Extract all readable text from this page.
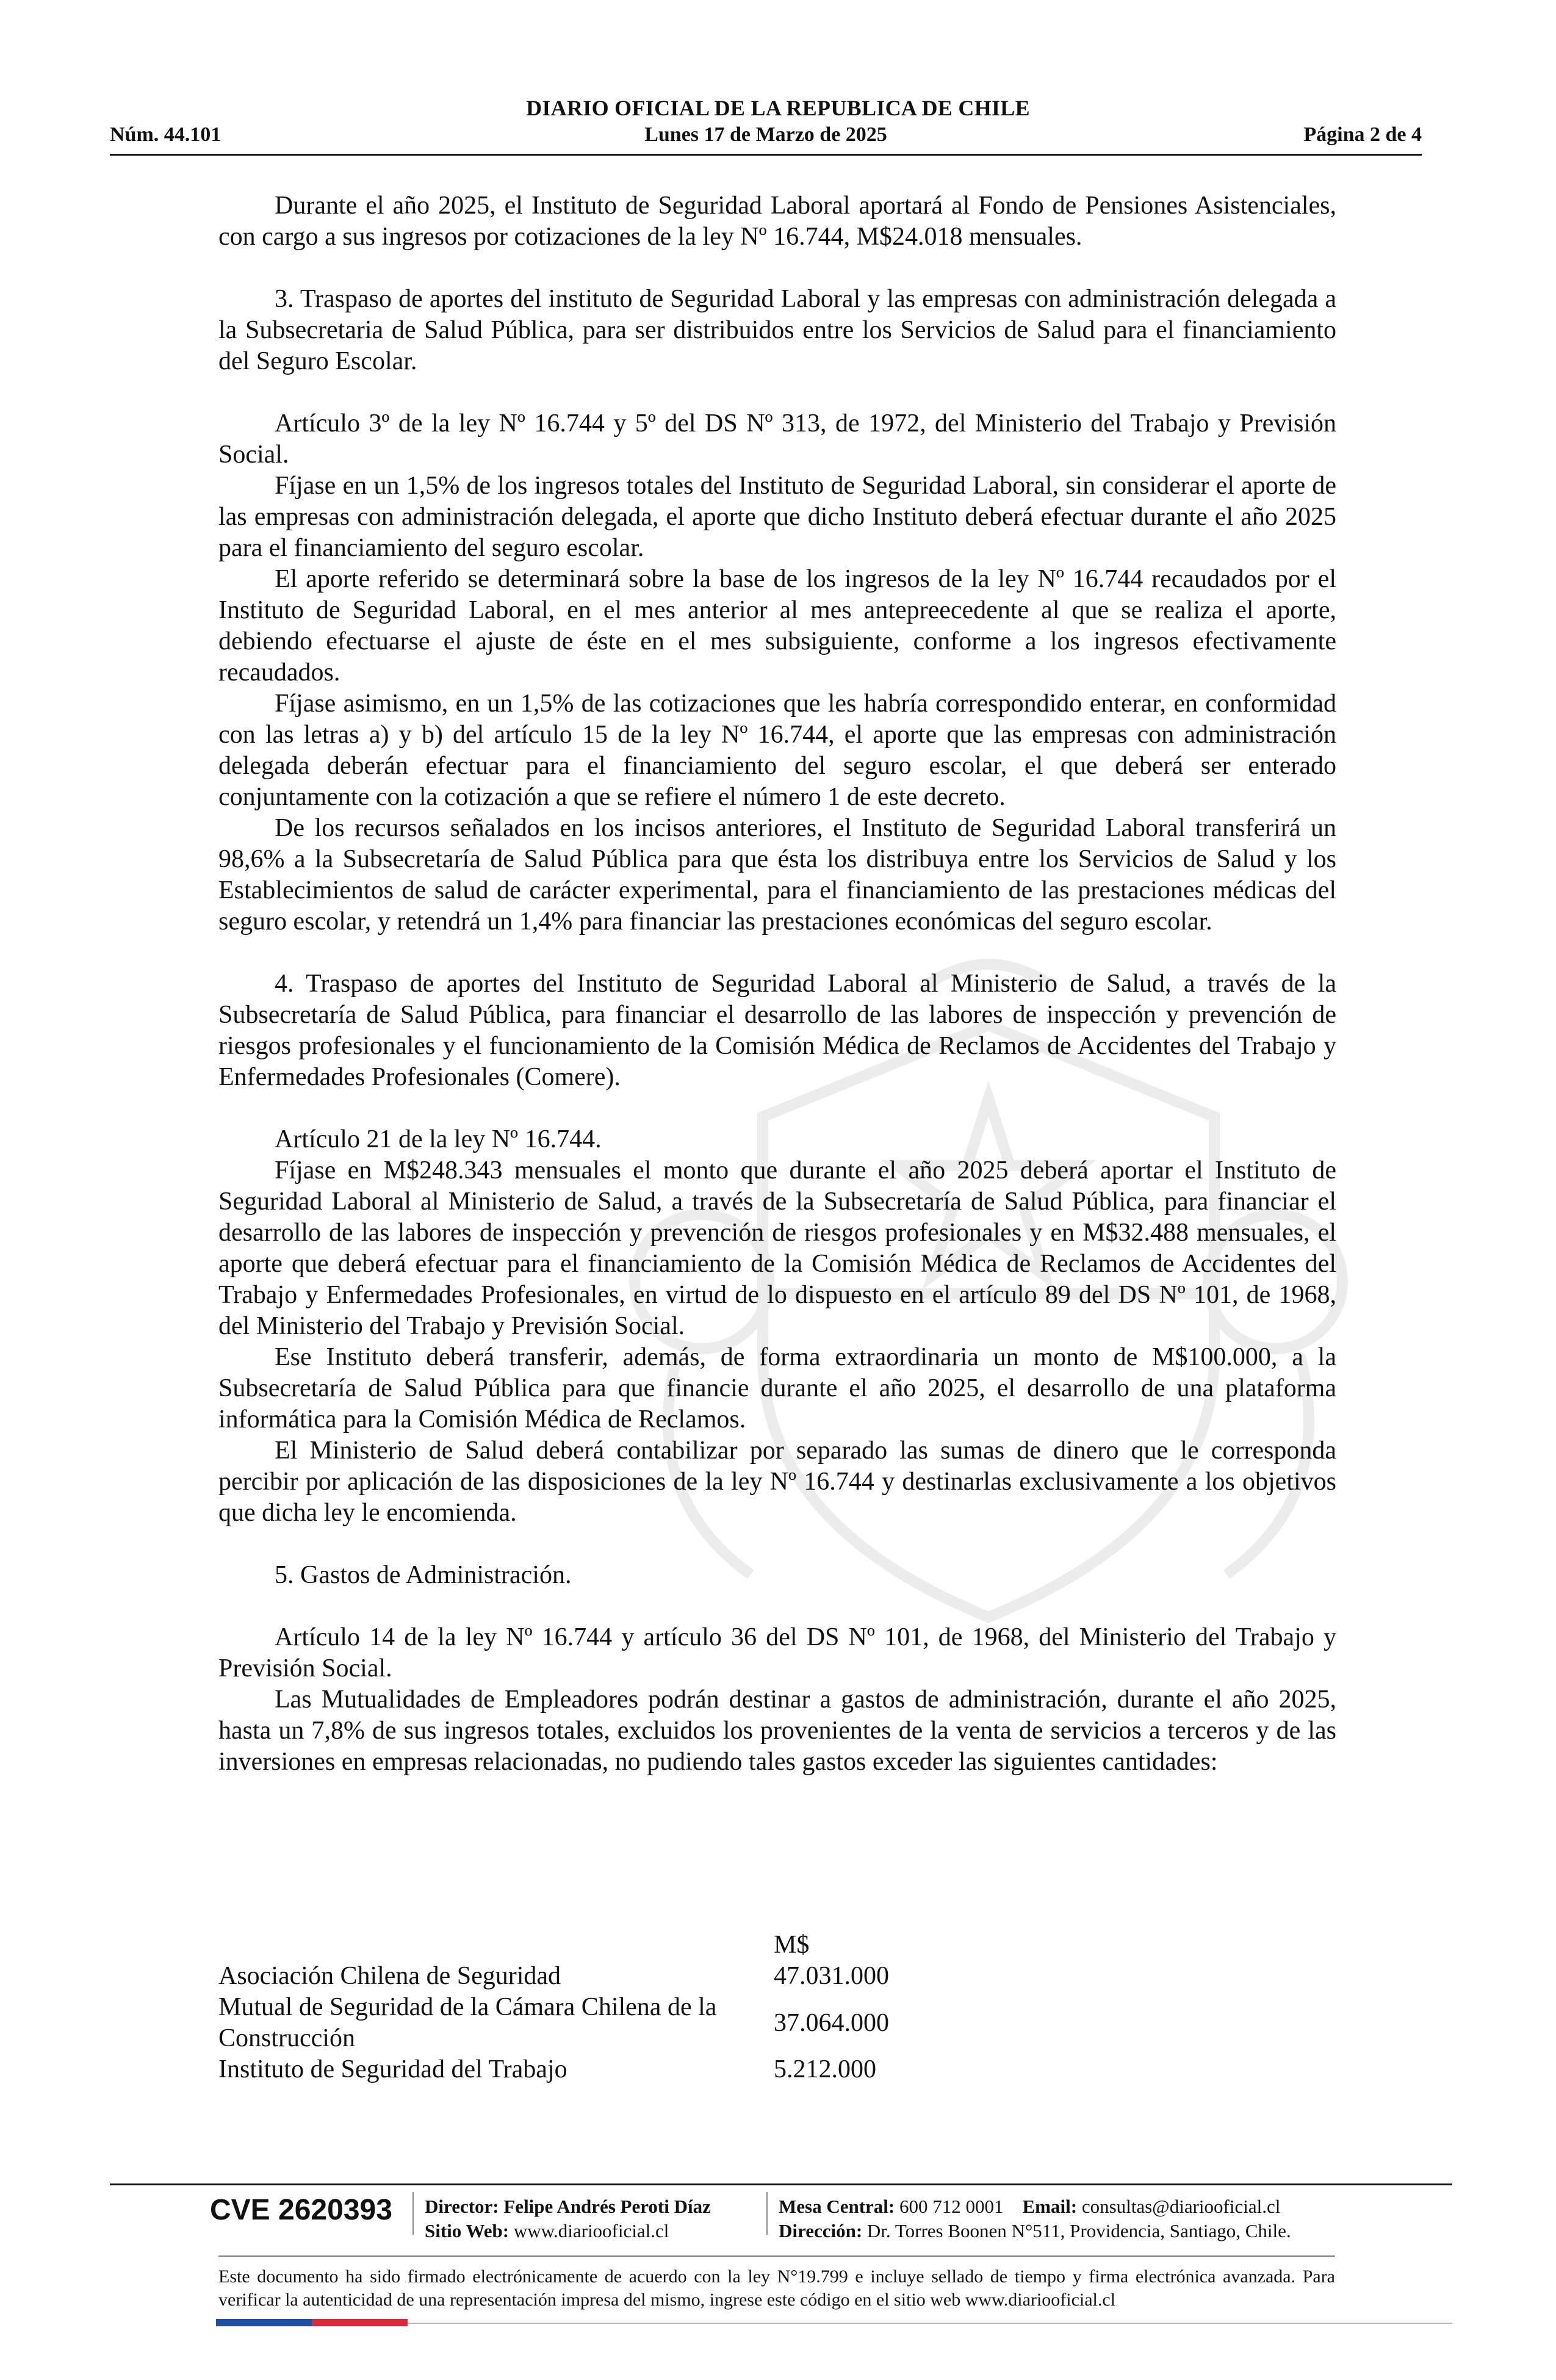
DIARIO OFICIAL DE LA REPUBLICA DE CHILE
Núm. 44.101	Lunes 17 de Marzo de 2025	Página 2 de 4

Durante el año 2025, el Instituto de Seguridad Laboral aportará al Fondo de Pensiones Asistenciales, con cargo a sus ingresos por cotizaciones de la ley Nº 16.744, M$24.018 mensuales.

3. Traspaso de aportes del instituto de Seguridad Laboral y las empresas con administración delegada a la Subsecretaria de Salud Pública, para ser distribuidos entre los Servicios de Salud para el financiamiento del Seguro Escolar.

Artículo 3º de la ley Nº 16.744 y 5º del DS Nº 313, de 1972, del Ministerio del Trabajo y Previsión Social.

Fíjase en un 1,5% de los ingresos totales del Instituto de Seguridad Laboral, sin considerar el aporte de las empresas con administración delegada, el aporte que dicho Instituto deberá efectuar durante el año 2025 para el financiamiento del seguro escolar.

El aporte referido se determinará sobre la base de los ingresos de la ley Nº 16.744 recaudados por el Instituto de Seguridad Laboral, en el mes anterior al mes antepreecedente al que se realiza el aporte, debiendo efectuarse el ajuste de éste en el mes subsiguiente, conforme a los ingresos efectivamente recaudados.

Fíjase asimismo, en un 1,5% de las cotizaciones que les habría correspondido enterar, en conformidad con las letras a) y b) del artículo 15 de la ley Nº 16.744, el aporte que las empresas con administración delegada deberán efectuar para el financiamiento del seguro escolar, el que deberá ser enterado conjuntamente con la cotización a que se refiere el número 1 de este decreto.

De los recursos señalados en los incisos anteriores, el Instituto de Seguridad Laboral transferirá un 98,6% a la Subsecretaría de Salud Pública para que ésta los distribuya entre los Servicios de Salud y los Establecimientos de salud de carácter experimental, para el financiamiento de las prestaciones médicas del seguro escolar, y retendrá un 1,4% para financiar las prestaciones económicas del seguro escolar.

4. Traspaso de aportes del Instituto de Seguridad Laboral al Ministerio de Salud, a través de la Subsecretaría de Salud Pública, para financiar el desarrollo de las labores de inspección y prevención de riesgos profesionales y el funcionamiento de la Comisión Médica de Reclamos de Accidentes del Trabajo y Enfermedades Profesionales (Comere).

Artículo 21 de la ley Nº 16.744.

Fíjase en M$248.343 mensuales el monto que durante el año 2025 deberá aportar el Instituto de Seguridad Laboral al Ministerio de Salud, a través de la Subsecretaría de Salud Pública, para financiar el desarrollo de las labores de inspección y prevención de riesgos profesionales y en M$32.488 mensuales, el aporte que deberá efectuar para el financiamiento de la Comisión Médica de Reclamos de Accidentes del Trabajo y Enfermedades Profesionales, en virtud de lo dispuesto en el artículo 89 del DS Nº 101, de 1968, del Ministerio del Trabajo y Previsión Social.

Ese Instituto deberá transferir, además, de forma extraordinaria un monto de M$100.000, a la Subsecretaría de Salud Pública para que financie durante el año 2025, el desarrollo de una plataforma informática para la Comisión Médica de Reclamos.

El Ministerio de Salud deberá contabilizar por separado las sumas de dinero que le corresponda percibir por aplicación de las disposiciones de la ley Nº 16.744 y destinarlas exclusivamente a los objetivos que dicha ley le encomienda.

5. Gastos de Administración.

Artículo 14 de la ley Nº 16.744 y artículo 36 del DS Nº 101, de 1968, del Ministerio del Trabajo y Previsión Social.

Las Mutualidades de Empleadores podrán destinar a gastos de administración, durante el año 2025, hasta un 7,8% de sus ingresos totales, excluidos los provenientes de la venta de servicios a terceros y de las inversiones en empresas relacionadas, no pudiendo tales gastos exceder las siguientes cantidades:

	M$
Asociación Chilena de Seguridad	47.031.000
Mutual de Seguridad de la Cámara Chilena de la Construcción	37.064.000
Instituto de Seguridad del Trabajo	5.212.000
CVE 2620393 Director: Felipe Andrés Peroti Díaz
Sitio Web: www.diariooficial.cl
Mesa Central: 600 712 0001 Email: consultas@diariooficial.cl
Dirección: Dr. Torres Boonen N°511, Providencia, Santiago, Chile.
Este documento ha sido firmado electrónicamente de acuerdo con la ley N°19.799 e incluye sellado de tiempo y firma electrónica avanzada. Para verificar la autenticidad de una representación impresa del mismo, ingrese este código en el sitio web www.diariooficial.cl
